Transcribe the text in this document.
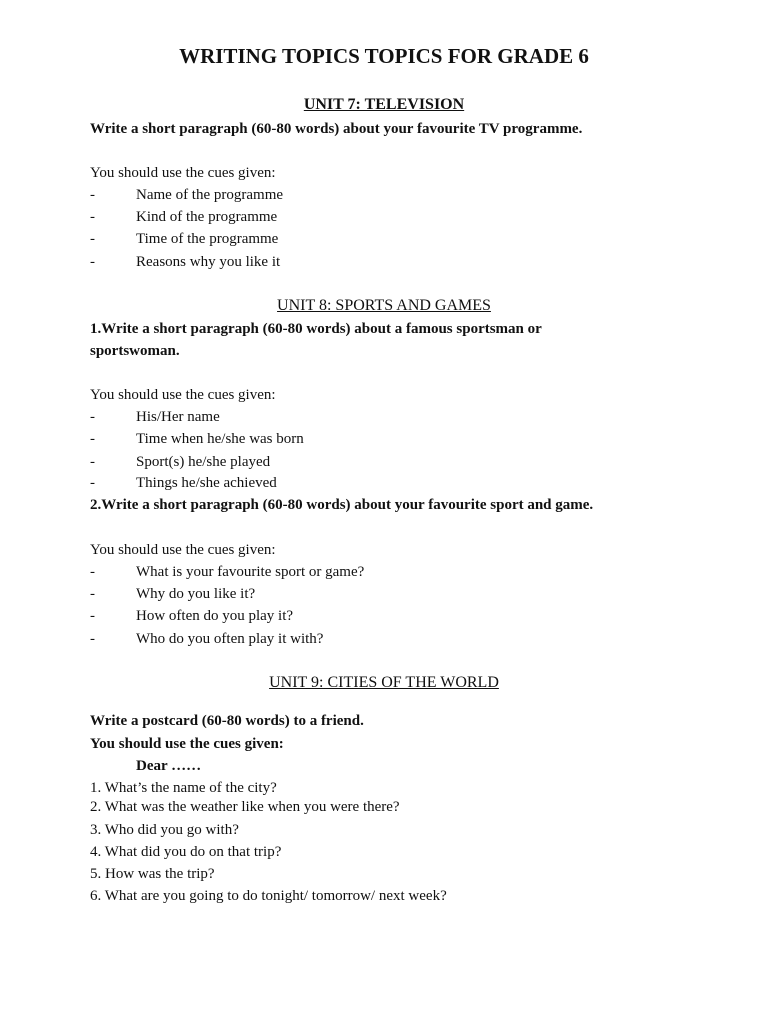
WRITING TOPICS TOPICS FOR GRADE 6
UNIT 7: TELEVISION
Write a short paragraph (60-80 words) about your favourite TV programme.
You should use the cues given:
-	Name of the programme
-	Kind of the programme
-	Time of the programme
-	Reasons why you like it
UNIT 8: SPORTS AND GAMES
1.Write a short paragraph (60-80 words) about a famous sportsman or
sportswoman.
You should use the cues given:
-	His/Her name
-	Time when he/she was born
-	Sport(s) he/she played
-	Things he/she achieved
2.Write a short paragraph (60-80 words) about your favourite sport and game.
You should use the cues given:
-	What is your favourite sport or game?
-	Why do you like it?
-	How often do you play it?
-	Who do you often play it with?
UNIT 9: CITIES OF THE WORLD
Write a postcard (60-80 words) to a friend.
You should use the cues given:
Dear ……
1. What’s the name of the city?
2. What was the weather like when you were there?
3. Who did you go with?
4. What did you do on that trip?
5. How was the trip?
6. What are you going to do tonight/ tomorrow/ next week?
